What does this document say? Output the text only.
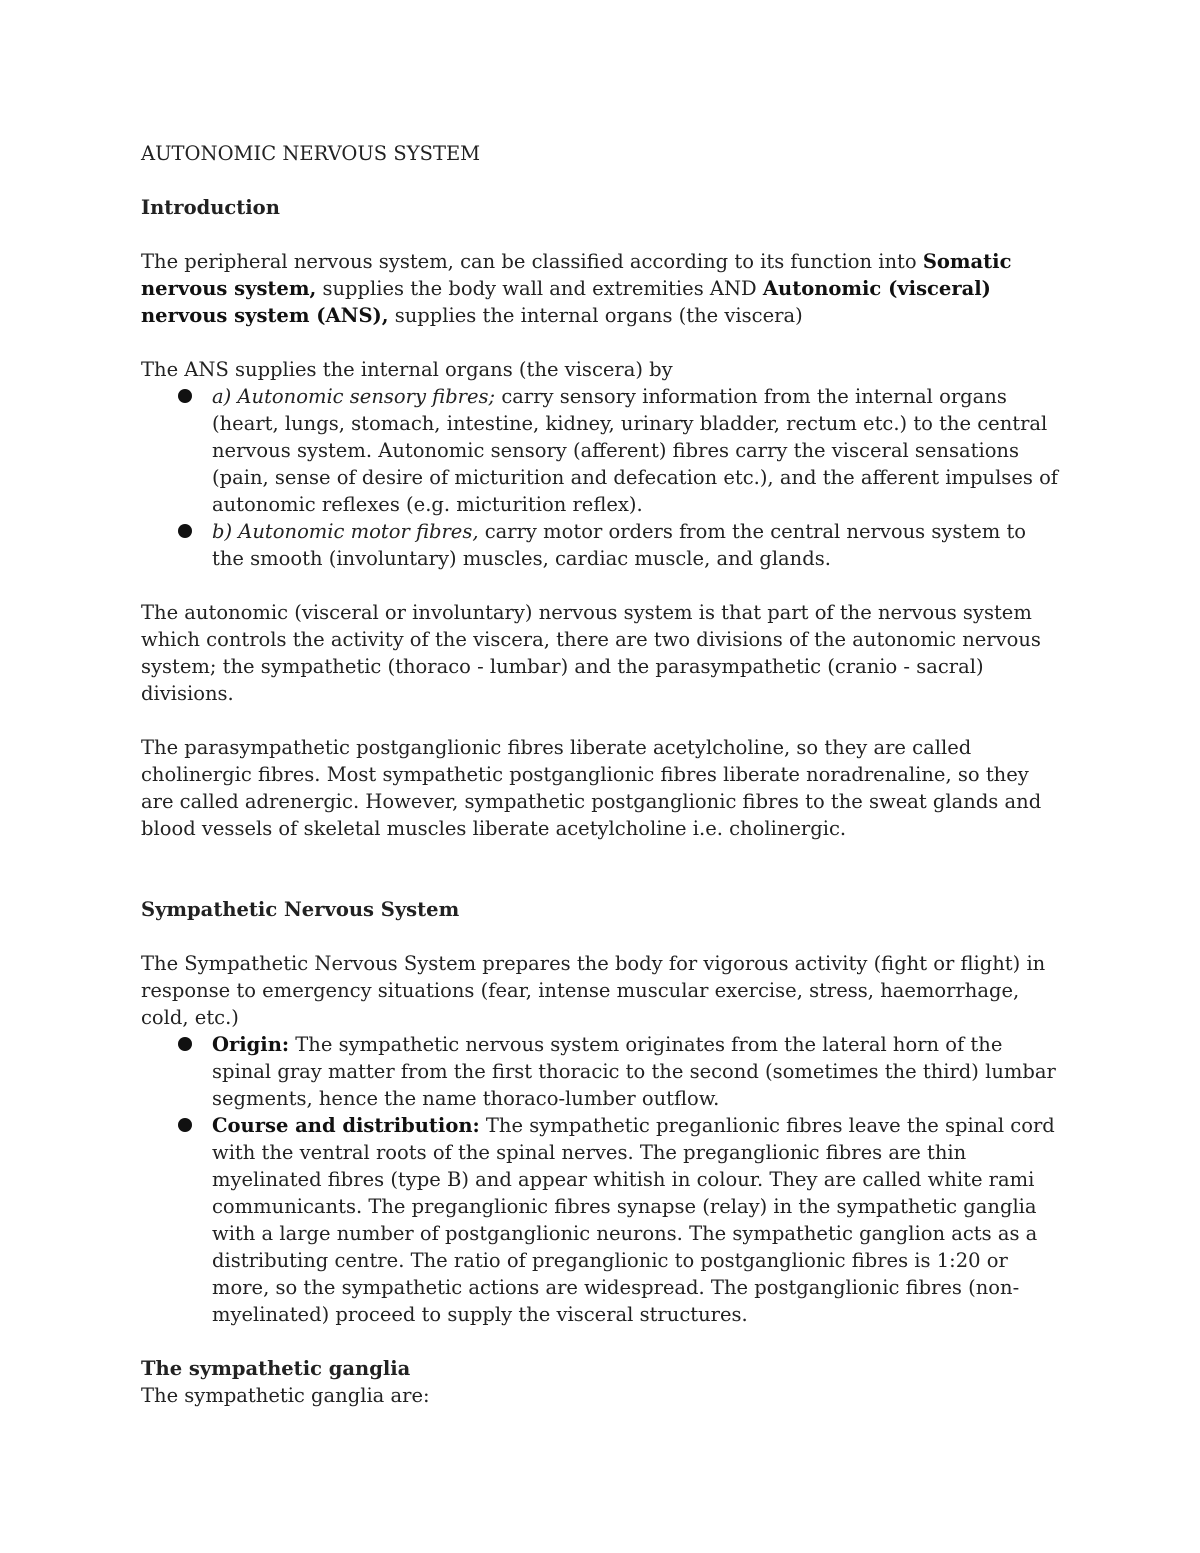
AUTONOMIC NERVOUS SYSTEM

Introduction

The peripheral nervous system, can be classified according to its function into Somatic nervous system, supplies the body wall and extremities AND Autonomic (visceral) nervous system (ANS), supplies the internal organs (the viscera)

The ANS supplies the internal organs (the viscera) by

a) Autonomic sensory fibres; carry sensory information from the internal organs (heart, lungs, stomach, intestine, kidney, urinary bladder, rectum etc.) to the central nervous system. Autonomic sensory (afferent) fibres carry the visceral sensations (pain, sense of desire of micturition and defecation etc.), and the afferent impulses of autonomic reflexes (e.g. micturition reflex).
b) Autonomic motor fibres, carry motor orders from the central nervous system to the smooth (involuntary) muscles, cardiac muscle, and glands.

The autonomic (visceral or involuntary) nervous system is that part of the nervous system which controls the activity of the viscera, there are two divisions of the autonomic nervous system; the sympathetic (thoraco - lumbar) and the parasympathetic (cranio - sacral) divisions.

The parasympathetic postganglionic fibres liberate acetylcholine, so they are called cholinergic fibres. Most sympathetic postganglionic fibres liberate noradrenaline, so they are called adrenergic. However, sympathetic postganglionic fibres to the sweat glands and blood vessels of skeletal muscles liberate acetylcholine i.e. cholinergic.

Sympathetic Nervous System

The Sympathetic Nervous System prepares the body for vigorous activity (fight or flight) in response to emergency situations (fear, intense muscular exercise, stress, haemorrhage, cold, etc.)

Origin: The sympathetic nervous system originates from the lateral horn of the spinal gray matter from the first thoracic to the second (sometimes the third) lumbar segments, hence the name thoraco-lumber outflow.
Course and distribution: The sympathetic preganlionic fibres leave the spinal cord with the ventral roots of the spinal nerves. The preganglionic fibres are thin myelinated fibres (type B) and appear whitish in colour. They are called white rami communicants. The preganglionic fibres synapse (relay) in the sympathetic ganglia with a large number of postganglionic neurons. The sympathetic ganglion acts as a distributing centre. The ratio of preganglionic to postganglionic fibres is 1:20 or more, so the sympathetic actions are widespread. The postganglionic fibres (non- myelinated) proceed to supply the visceral structures.

The sympathetic ganglia

The sympathetic ganglia are:
